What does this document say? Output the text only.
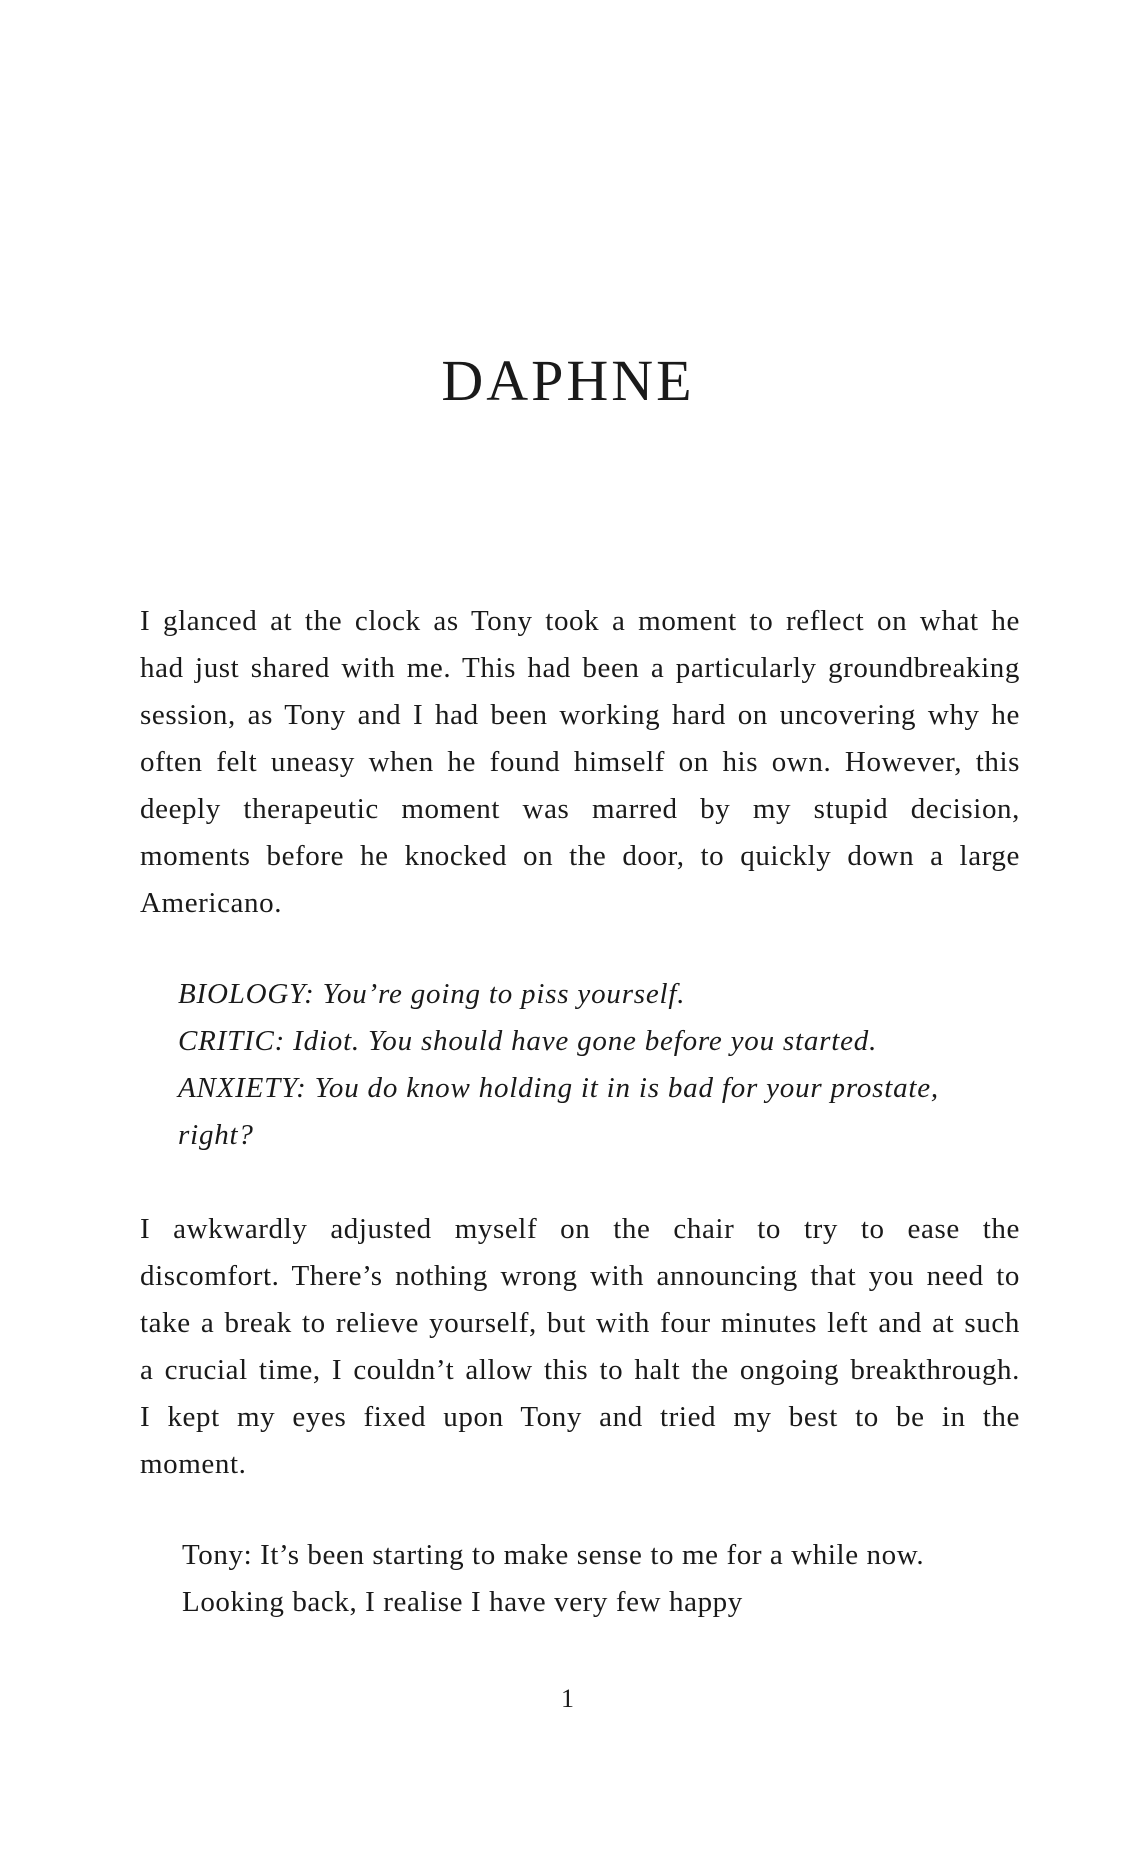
DAPHNE

I glanced at the clock as Tony took a moment to reflect on what he had just shared with me. This had been a particularly groundbreaking session, as Tony and I had been working hard on uncovering why he often felt uneasy when he found himself on his own. However, this deeply therapeutic moment was marred by my stupid decision, moments before he knocked on the door, to quickly down a large Americano.

BIOLOGY: You’re going to piss yourself.
CRITIC: Idiot. You should have gone before you started.
ANXIETY: You do know holding it in is bad for your prostate, right?

I awkwardly adjusted myself on the chair to try to ease the discomfort. There’s nothing wrong with announcing that you need to take a break to relieve yourself, but with four minutes left and at such a crucial time, I couldn’t allow this to halt the ongoing breakthrough. I kept my eyes fixed upon Tony and tried my best to be in the moment.

Tony: It’s been starting to make sense to me for a while now. Looking back, I realise I have very few happy
1
